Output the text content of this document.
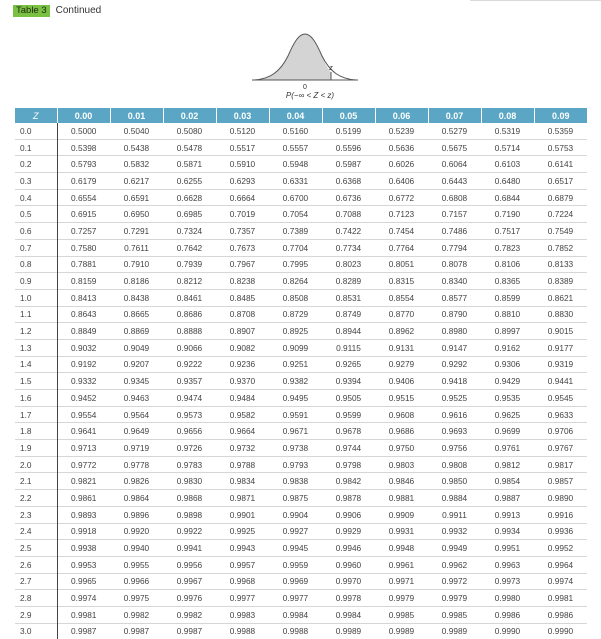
Table 3 Continued
0
z
P(−∞ < Z < z)
Z	0.00	0.01	0.02	0.03	0.04	0.05	0.06	0.07	0.08	0.09
0.0	0.5000	0.5040	0.5080	0.5120	0.5160	0.5199	0.5239	0.5279	0.5319	0.5359
0.1	0.5398	0.5438	0.5478	0.5517	0.5557	0.5596	0.5636	0.5675	0.5714	0.5753
0.2	0.5793	0.5832	0.5871	0.5910	0.5948	0.5987	0.6026	0.6064	0.6103	0.6141
0.3	0.6179	0.6217	0.6255	0.6293	0.6331	0.6368	0.6406	0.6443	0.6480	0.6517
0.4	0.6554	0.6591	0.6628	0.6664	0.6700	0.6736	0.6772	0.6808	0.6844	0.6879
0.5	0.6915	0.6950	0.6985	0.7019	0.7054	0.7088	0.7123	0.7157	0.7190	0.7224
0.6	0.7257	0.7291	0.7324	0.7357	0.7389	0.7422	0.7454	0.7486	0.7517	0.7549
0.7	0.7580	0.7611	0.7642	0.7673	0.7704	0.7734	0.7764	0.7794	0.7823	0.7852
0.8	0.7881	0.7910	0.7939	0.7967	0.7995	0.8023	0.8051	0.8078	0.8106	0.8133
0.9	0.8159	0.8186	0.8212	0.8238	0.8264	0.8289	0.8315	0.8340	0.8365	0.8389
1.0	0.8413	0.8438	0.8461	0.8485	0.8508	0.8531	0.8554	0.8577	0.8599	0.8621
1.1	0.8643	0.8665	0.8686	0.8708	0.8729	0.8749	0.8770	0.8790	0.8810	0.8830
1.2	0.8849	0.8869	0.8888	0.8907	0.8925	0.8944	0.8962	0.8980	0.8997	0.9015
1.3	0.9032	0.9049	0.9066	0.9082	0.9099	0.9115	0.9131	0.9147	0.9162	0.9177
1.4	0.9192	0.9207	0.9222	0.9236	0.9251	0.9265	0.9279	0.9292	0.9306	0.9319
1.5	0.9332	0.9345	0.9357	0.9370	0.9382	0.9394	0.9406	0.9418	0.9429	0.9441
1.6	0.9452	0.9463	0.9474	0.9484	0.9495	0.9505	0.9515	0.9525	0.9535	0.9545
1.7	0.9554	0.9564	0.9573	0.9582	0.9591	0.9599	0.9608	0.9616	0.9625	0.9633
1.8	0.9641	0.9649	0.9656	0.9664	0.9671	0.9678	0.9686	0.9693	0.9699	0.9706
1.9	0.9713	0.9719	0.9726	0.9732	0.9738	0.9744	0.9750	0.9756	0.9761	0.9767
2.0	0.9772	0.9778	0.9783	0.9788	0.9793	0.9798	0.9803	0.9808	0.9812	0.9817
2.1	0.9821	0.9826	0.9830	0.9834	0.9838	0.9842	0.9846	0.9850	0.9854	0.9857
2.2	0.9861	0.9864	0.9868	0.9871	0.9875	0.9878	0.9881	0.9884	0.9887	0.9890
2.3	0.9893	0.9896	0.9898	0.9901	0.9904	0.9906	0.9909	0.9911	0.9913	0.9916
2.4	0.9918	0.9920	0.9922	0.9925	0.9927	0.9929	0.9931	0.9932	0.9934	0.9936
2.5	0.9938	0.9940	0.9941	0.9943	0.9945	0.9946	0.9948	0.9949	0.9951	0.9952
2.6	0.9953	0.9955	0.9956	0.9957	0.9959	0.9960	0.9961	0.9962	0.9963	0.9964
2.7	0.9965	0.9966	0.9967	0.9968	0.9969	0.9970	0.9971	0.9972	0.9973	0.9974
2.8	0.9974	0.9975	0.9976	0.9977	0.9977	0.9978	0.9979	0.9979	0.9980	0.9981
2.9	0.9981	0.9982	0.9982	0.9983	0.9984	0.9984	0.9985	0.9985	0.9986	0.9986
3.0	0.9987	0.9987	0.9987	0.9988	0.9988	0.9989	0.9989	0.9989	0.9990	0.9990
